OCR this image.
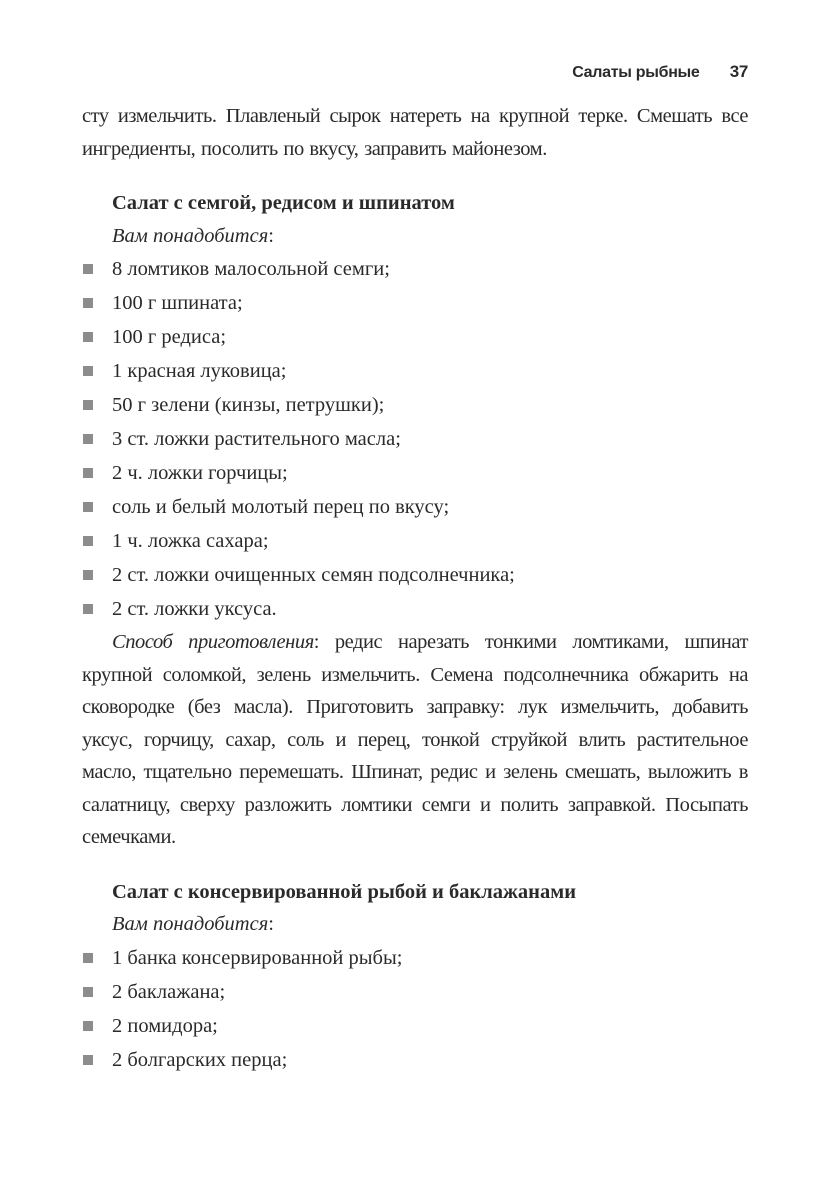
Салаты рыбные 37

сту измельчить. Плавленый сырок натереть на крупной терке. Смешать все ингредиенты, посолить по вкусу, заправить майонезом.

Салат с семгой, редисом и шпинатом

Вам понадобится:

8 ломтиков малосольной семги;
100 г шпината;
100 г редиса;
1 красная луковица;
50 г зелени (кинзы, петрушки);
3 ст. ложки растительного масла;
2 ч. ложки горчицы;
соль и белый молотый перец по вкусу;
1 ч. ложка сахара;
2 ст. ложки очищенных семян подсолнечника;
2 ст. ложки уксуса.

Способ приготовления: редис нарезать тонкими ломтиками, шпинат крупной соломкой, зелень измельчить. Семена подсолнечника обжарить на сковородке (без масла). Приготовить заправку: лук измельчить, добавить уксус, горчицу, сахар, соль и перец, тонкой струйкой влить растительное масло, тщательно перемешать. Шпинат, редис и зелень смешать, выложить в салатницу, сверху разложить ломтики семги и полить заправкой. Посыпать семечками.

Салат с консервированной рыбой и баклажанами

Вам понадобится:

1 банка консервированной рыбы;
2 баклажана;
2 помидора;
2 болгарских перца;
